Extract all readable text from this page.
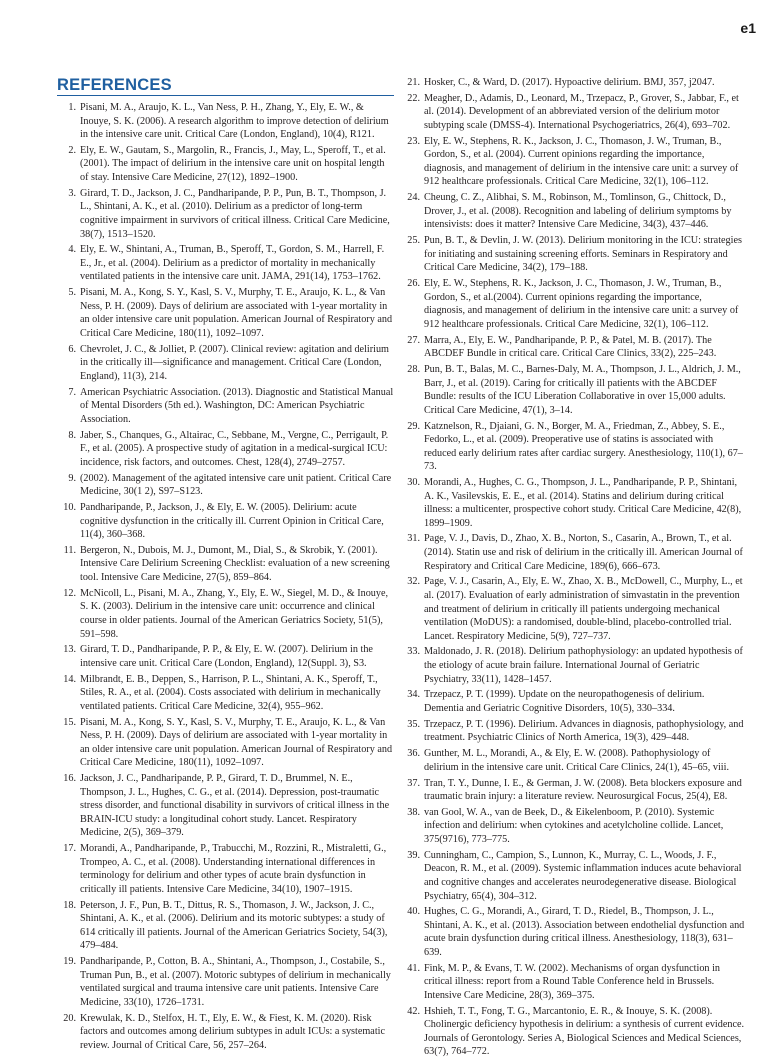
e1
REFERENCES
1. Pisani, M. A., Araujo, K. L., Van Ness, P. H., Zhang, Y., Ely, E. W., & Inouye, S. K. (2006). A research algorithm to improve detection of delirium in the intensive care unit. Critical Care (London, England), 10(4), R121.
2. Ely, E. W., Gautam, S., Margolin, R., Francis, J., May, L., Speroff, T., et al. (2001). The impact of delirium in the intensive care unit on hospital length of stay. Intensive Care Medicine, 27(12), 1892–1900.
3. Girard, T. D., Jackson, J. C., Pandharipande, P. P., Pun, B. T., Thompson, J. L., Shintani, A. K., et al. (2010). Delirium as a predictor of long-term cognitive impairment in survivors of critical illness. Critical Care Medicine, 38(7), 1513–1520.
4. Ely, E. W., Shintani, A., Truman, B., Speroff, T., Gordon, S. M., Harrell, F. E., Jr., et al. (2004). Delirium as a predictor of mortality in mechanically ventilated patients in the intensive care unit. JAMA, 291(14), 1753–1762.
5. Pisani, M. A., Kong, S. Y., Kasl, S. V., Murphy, T. E., Araujo, K. L., & Van Ness, P. H. (2009). Days of delirium are associated with 1-year mortality in an older intensive care unit population. American Journal of Respiratory and Critical Care Medicine, 180(11), 1092–1097.
6. Chevrolet, J. C., & Jolliet, P. (2007). Clinical review: agitation and delirium in the critically ill—significance and management. Critical Care (London, England), 11(3), 214.
7. American Psychiatric Association. (2013). Diagnostic and Statistical Manual of Mental Disorders (5th ed.). Washington, DC: American Psychiatric Association.
8. Jaber, S., Chanques, G., Altairac, C., Sebbane, M., Vergne, C., Perrigault, P. F., et al. (2005). A prospective study of agitation in a medical-surgical ICU: incidence, risk factors, and outcomes. Chest, 128(4), 2749–2757.
9. (2002). Management of the agitated intensive care unit patient. Critical Care Medicine, 30(1 2), S97–S123.
10. Pandharipande, P., Jackson, J., & Ely, E. W. (2005). Delirium: acute cognitive dysfunction in the critically ill. Current Opinion in Critical Care, 11(4), 360–368.
11. Bergeron, N., Dubois, M. J., Dumont, M., Dial, S., & Skrobik, Y. (2001). Intensive Care Delirium Screening Checklist: evaluation of a new screening tool. Intensive Care Medicine, 27(5), 859–864.
12. McNicoll, L., Pisani, M. A., Zhang, Y., Ely, E. W., Siegel, M. D., & Inouye, S. K. (2003). Delirium in the intensive care unit: occurrence and clinical course in older patients. Journal of the American Geriatrics Society, 51(5), 591–598.
13. Girard, T. D., Pandharipande, P. P., & Ely, E. W. (2007). Delirium in the intensive care unit. Critical Care (London, England), 12(Suppl. 3), S3.
14. Milbrandt, E. B., Deppen, S., Harrison, P. L., Shintani, A. K., Speroff, T., Stiles, R. A., et al. (2004). Costs associated with delirium in mechanically ventilated patients. Critical Care Medicine, 32(4), 955–962.
15. Pisani, M. A., Kong, S. Y., Kasl, S. V., Murphy, T. E., Araujo, K. L., & Van Ness, P. H. (2009). Days of delirium are associated with 1-year mortality in an older intensive care unit population. American Journal of Respiratory and Critical Care Medicine, 180(11), 1092–1097.
16. Jackson, J. C., Pandharipande, P. P., Girard, T. D., Brummel, N. E., Thompson, J. L., Hughes, C. G., et al. (2014). Depression, post-traumatic stress disorder, and functional disability in survivors of critical illness in the BRAIN-ICU study: a longitudinal cohort study. Lancet. Respiratory Medicine, 2(5), 369–379.
17. Morandi, A., Pandharipande, P., Trabucchi, M., Rozzini, R., Mistraletti, G., Trompeo, A. C., et al. (2008). Understanding international differences in terminology for delirium and other types of acute brain dysfunction in critically ill patients. Intensive Care Medicine, 34(10), 1907–1915.
18. Peterson, J. F., Pun, B. T., Dittus, R. S., Thomason, J. W., Jackson, J. C., Shintani, A. K., et al. (2006). Delirium and its motoric subtypes: a study of 614 critically ill patients. Journal of the American Geriatrics Society, 54(3), 479–484.
19. Pandharipande, P., Cotton, B. A., Shintani, A., Thompson, J., Costabile, S., Truman Pun, B., et al. (2007). Motoric subtypes of delirium in mechanically ventilated surgical and trauma intensive care unit patients. Intensive Care Medicine, 33(10), 1726–1731.
20. Krewulak, K. D., Stelfox, H. T., Ely, E. W., & Fiest, K. M. (2020). Risk factors and outcomes among delirium subtypes in adult ICUs: a systematic review. Journal of Critical Care, 56, 257–264.
21. Hosker, C., & Ward, D. (2017). Hypoactive delirium. BMJ, 357, j2047.
22. Meagher, D., Adamis, D., Leonard, M., Trzepacz, P., Grover, S., Jabbar, F., et al. (2014). Development of an abbreviated version of the delirium motor subtyping scale (DMSS-4). International Psychogeriatrics, 26(4), 693–702.
23. Ely, E. W., Stephens, R. K., Jackson, J. C., Thomason, J. W., Truman, B., Gordon, S., et al. (2004). Current opinions regarding the importance, diagnosis, and management of delirium in the intensive care unit: a survey of 912 healthcare professionals. Critical Care Medicine, 32(1), 106–112.
24. Cheung, C. Z., Alibhai, S. M., Robinson, M., Tomlinson, G., Chittock, D., Drover, J., et al. (2008). Recognition and labeling of delirium symptoms by intensivists: does it matter? Intensive Care Medicine, 34(3), 437–446.
25. Pun, B. T., & Devlin, J. W. (2013). Delirium monitoring in the ICU: strategies for initiating and sustaining screening efforts. Seminars in Respiratory and Critical Care Medicine, 34(2), 179–188.
26. Ely, E. W., Stephens, R. K., Jackson, J. C., Thomason, J. W., Truman, B., Gordon, S., et al.(2004). Current opinions regarding the importance, diagnosis, and management of delirium in the intensive care unit: a survey of 912 healthcare professionals. Critical Care Medicine, 32(1), 106–112.
27. Marra, A., Ely, E. W., Pandharipande, P. P., & Patel, M. B. (2017). The ABCDEF Bundle in critical care. Critical Care Clinics, 33(2), 225–243.
28. Pun, B. T., Balas, M. C., Barnes-Daly, M. A., Thompson, J. L., Aldrich, J. M., Barr, J., et al. (2019). Caring for critically ill patients with the ABCDEF Bundle: results of the ICU Liberation Collaborative in over 15,000 adults. Critical Care Medicine, 47(1), 3–14.
29. Katznelson, R., Djaiani, G. N., Borger, M. A., Friedman, Z., Abbey, S. E., Fedorko, L., et al. (2009). Preoperative use of statins is associated with reduced early delirium rates after cardiac surgery. Anesthesiology, 110(1), 67–73.
30. Morandi, A., Hughes, C. G., Thompson, J. L., Pandharipande, P. P., Shintani, A. K., Vasilevskis, E. E., et al. (2014). Statins and delirium during critical illness: a multicenter, prospective cohort study. Critical Care Medicine, 42(8), 1899–1909.
31. Page, V. J., Davis, D., Zhao, X. B., Norton, S., Casarin, A., Brown, T., et al. (2014). Statin use and risk of delirium in the critically ill. American Journal of Respiratory and Critical Care Medicine, 189(6), 666–673.
32. Page, V. J., Casarin, A., Ely, E. W., Zhao, X. B., McDowell, C., Murphy, L., et al. (2017). Evaluation of early administration of simvastatin in the prevention and treatment of delirium in critically ill patients undergoing mechanical ventilation (MoDUS): a randomised, double-blind, placebo-controlled trial. Lancet. Respiratory Medicine, 5(9), 727–737.
33. Maldonado, J. R. (2018). Delirium pathophysiology: an updated hypothesis of the etiology of acute brain failure. International Journal of Geriatric Psychiatry, 33(11), 1428–1457.
34. Trzepacz, P. T. (1999). Update on the neuropathogenesis of delirium. Dementia and Geriatric Cognitive Disorders, 10(5), 330–334.
35. Trzepacz, P. T. (1996). Delirium. Advances in diagnosis, pathophysiology, and treatment. Psychiatric Clinics of North America, 19(3), 429–448.
36. Gunther, M. L., Morandi, A., & Ely, E. W. (2008). Pathophysiology of delirium in the intensive care unit. Critical Care Clinics, 24(1), 45–65, viii.
37. Tran, T. Y., Dunne, I. E., & German, J. W. (2008). Beta blockers exposure and traumatic brain injury: a literature review. Neurosurgical Focus, 25(4), E8.
38. van Gool, W. A., van de Beek, D., & Eikelenboom, P. (2010). Systemic infection and delirium: when cytokines and acetylcholine collide. Lancet, 375(9716), 773–775.
39. Cunningham, C., Campion, S., Lunnon, K., Murray, C. L., Woods, J. F., Deacon, R. M., et al. (2009). Systemic inflammation induces acute behavioral and cognitive changes and accelerates neurodegenerative disease. Biological Psychiatry, 65(4), 304–312.
40. Hughes, C. G., Morandi, A., Girard, T. D., Riedel, B., Thompson, J. L., Shintani, A. K., et al. (2013). Association between endothelial dysfunction and acute brain dysfunction during critical illness. Anesthesiology, 118(3), 631–639.
41. Fink, M. P., & Evans, T. W. (2002). Mechanisms of organ dysfunction in critical illness: report from a Round Table Conference held in Brussels. Intensive Care Medicine, 28(3), 369–375.
42. Hshieh, T. T., Fong, T. G., Marcantonio, E. R., & Inouye, S. K. (2008). Cholinergic deficiency hypothesis in delirium: a synthesis of current evidence. Journals of Gerontology. Series A, Biological Sciences and Medical Sciences, 63(7), 764–772.
